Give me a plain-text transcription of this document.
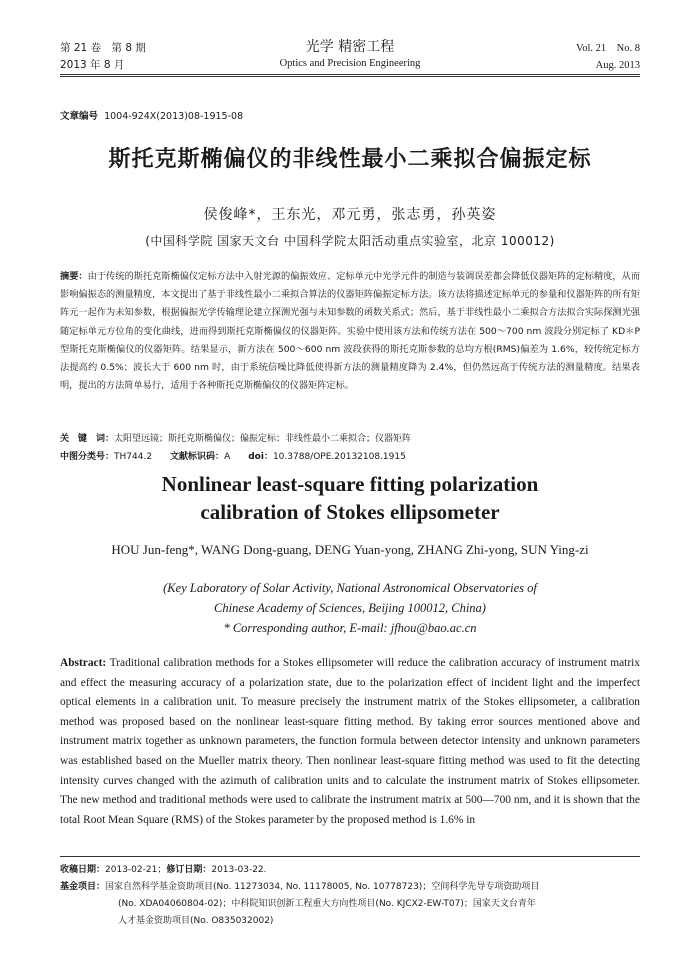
第 21 卷　第 8 期
2013 年 8 月
光学 精密工程
Optics and Precision Engineering
Vol. 21　No. 8
Aug. 2013
文章编号 1004-924X(2013)08-1915-08
斯托克斯椭偏仪的非线性最小二乘拟合偏振定标
侯俊峰*，王东光，邓元勇，张志勇，孙英姿
(中国科学院 国家天文台 中国科学院太阳活动重点实验室，北京 100012)
摘要：由于传统的斯托克斯椭偏仪定标方法中入射光源的偏振效应、定标单元中光学元件的制造与装调误差都会降低仪器矩阵的定标精度，从而影响偏振态的测量精度，本文提出了基于非线性最小二乘拟合算法的仪器矩阵偏振定标方法。该方法将描述定标单元的参量和仪器矩阵的所有矩阵元一起作为未知参数，根据偏振光学传输理论建立探测光强与未知参数的函数关系式；然后，基于非线性最小二乘拟合方法拟合实际探测光强随定标单元方位角的变化曲线，进而得到斯托克斯椭偏仪的仪器矩阵。实验中使用该方法和传统方法在 500～700 nm 波段分别定标了 KD＊P 型斯托克斯椭偏仪的仪器矩阵。结果显示，新方法在 500～600 nm 波段获得的斯托克斯参数的总均方根(RMS)偏差为 1.6%，较传统定标方法提高约 0.5%；波长大于 600 nm 时，由于系统信噪比降低使得新方法的测量精度降为 2.4%，但仍然远高于传统方法的测量精度。结果表明，提出的方法简单易行，适用于各种斯托克斯椭偏仪的仪器矩阵定标。
关　键　词：太阳望远镜；斯托克斯椭偏仪；偏振定标；非线性最小二乘拟合；仪器矩阵
中图分类号：TH744.2 文献标识码：A doi：10.3788/OPE.20132108.1915
Nonlinear least-square fitting polarization
calibration of Stokes ellipsometer
HOU Jun-feng*, WANG Dong-guang, DENG Yuan-yong, ZHANG Zhi-yong, SUN Ying-zi
(Key Laboratory of Solar Activity, National Astronomical Observatories of
Chinese Academy of Sciences, Beijing 100012, China)
* Corresponding author, E-mail: jfhou@bao.ac.cn
Abstract: Traditional calibration methods for a Stokes ellipsometer will reduce the calibration accuracy of instrument matrix and effect the measuring accuracy of a polarization state, due to the polarization effect of incident light and the imperfect optical elements in a calibration unit. To measure precisely the instrument matrix of the Stokes ellipsometer, a calibration method was proposed based on the nonlinear least-square fitting method. By taking error sources mentioned above and instrument matrix together as unknown parameters, the function formula between detector intensity and unknown parameters was established based on the Mueller matrix theory. Then nonlinear least-square fitting method was used to fit the detecting intensity curves changed with the azimuth of calibration units and to calculate the instrument matrix of Stokes ellipsometer. The new method and traditional methods were used to calibrate the instrument matrix at 500—700 nm, and it is shown that the total Root Mean Square (RMS) of the Stokes parameter by the proposed method is 1.6% in
收稿日期：2013-02-21；修订日期：2013-03-22.
基金项目：国家自然科学基金资助项目(No. 11273034, No. 11178005, No. 10778723)；空间科学先导专项资助项目
(No. XDA04060804-02)；中科院知识创新工程重大方向性项目(No. KJCX2-EW-T07)；国家天文台青年
人才基金资助项目(No. O835032002)
